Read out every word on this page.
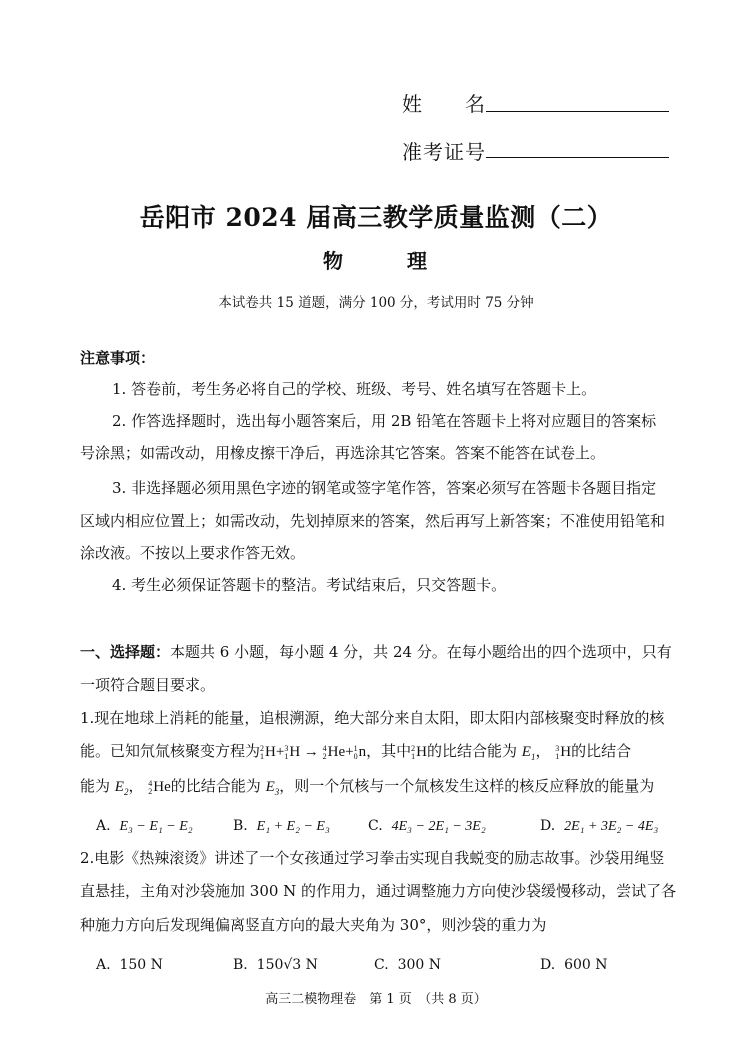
姓　　名
准考证号
岳阳市 2024 届高三教学质量监测（二）
物　理
本试卷共 15 道题，满分 100 分，考试用时 75 分钟
注意事项：
1. 答卷前，考生务必将自己的学校、班级、考号、姓名填写在答题卡上。
2. 作答选择题时，选出每小题答案后，用 2B 铅笔在答题卡上将对应题目的答案标
号涂黑；如需改动，用橡皮擦干净后，再选涂其它答案。答案不能答在试卷上。
3. 非选择题必须用黑色字迹的钢笔或签字笔作答，答案必须写在答题卡各题目指定
区域内相应位置上；如需改动，先划掉原来的答案，然后再写上新答案；不准使用铅笔和
涂改液。不按以上要求作答无效。
4. 考生必须保证答题卡的整洁。考试结束后，只交答题卡。
一、选择题：本题共 6 小题，每小题 4 分，共 24 分。在每小题给出的四个选项中，只有
一项符合题目要求。
1.现在地球上消耗的能量，追根溯源，绝大部分来自太阳，即太阳内部核聚变时释放的核
能。已知氘氚核聚变方程为 2
1 H+ 3
1 H → 4
2 He+ 1
0 n，其中 2
1 H的比结合能为 $E_1$， 3
1 H的比结合
能为 $E_2$， 4
2 He的比结合能为 $E_3$，则一个氘核与一个氚核发生这样的核反应释放的能量为
A. E₃ − E₁ − E₂	B. E₁ + E₂ − E₃	C. 4E₃ − 2E₁ − 3E₂	D. 2E₁ + 3E₂ − 4E₃
2.电影《热辣滚烫》讲述了一个女孩通过学习拳击实现自我蜕变的励志故事。沙袋用绳竖
直悬挂，主角对沙袋施加 300 N 的作用力，通过调整施力方向使沙袋缓慢移动，尝试了各
种施力方向后发现绳偏离竖直方向的最大夹角为 30°，则沙袋的重力为
A. 150 N	B. 150√3 N	C. 300 N	D. 600 N
高三二模物理卷　第 1 页　（共 8 页）
